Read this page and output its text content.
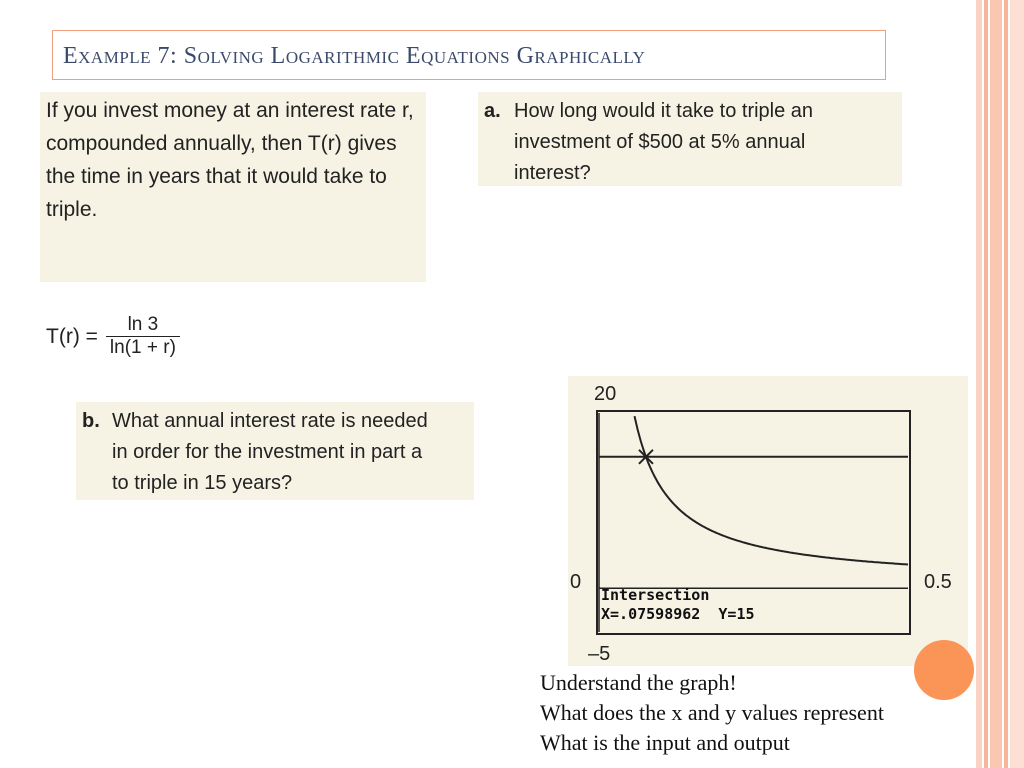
Example 7: Solving Logarithmic Equations Graphically

If you invest money at an interest rate r, compounded annually, then T(r) gives the time in years that it would take to triple.

$T(r) = \frac{\ln 3}{\ln(1 + r)}$
a. How long would it take to triple an
investment of $500 at 5% annual
interest?
b. What annual interest rate is needed
in order for the investment in part a
to triple in 15 years?
20
0	0.5
–5
Intersection
X=.07598962  Y=15
Understand the graph!
What does the x and y values represent
What is the input and output
